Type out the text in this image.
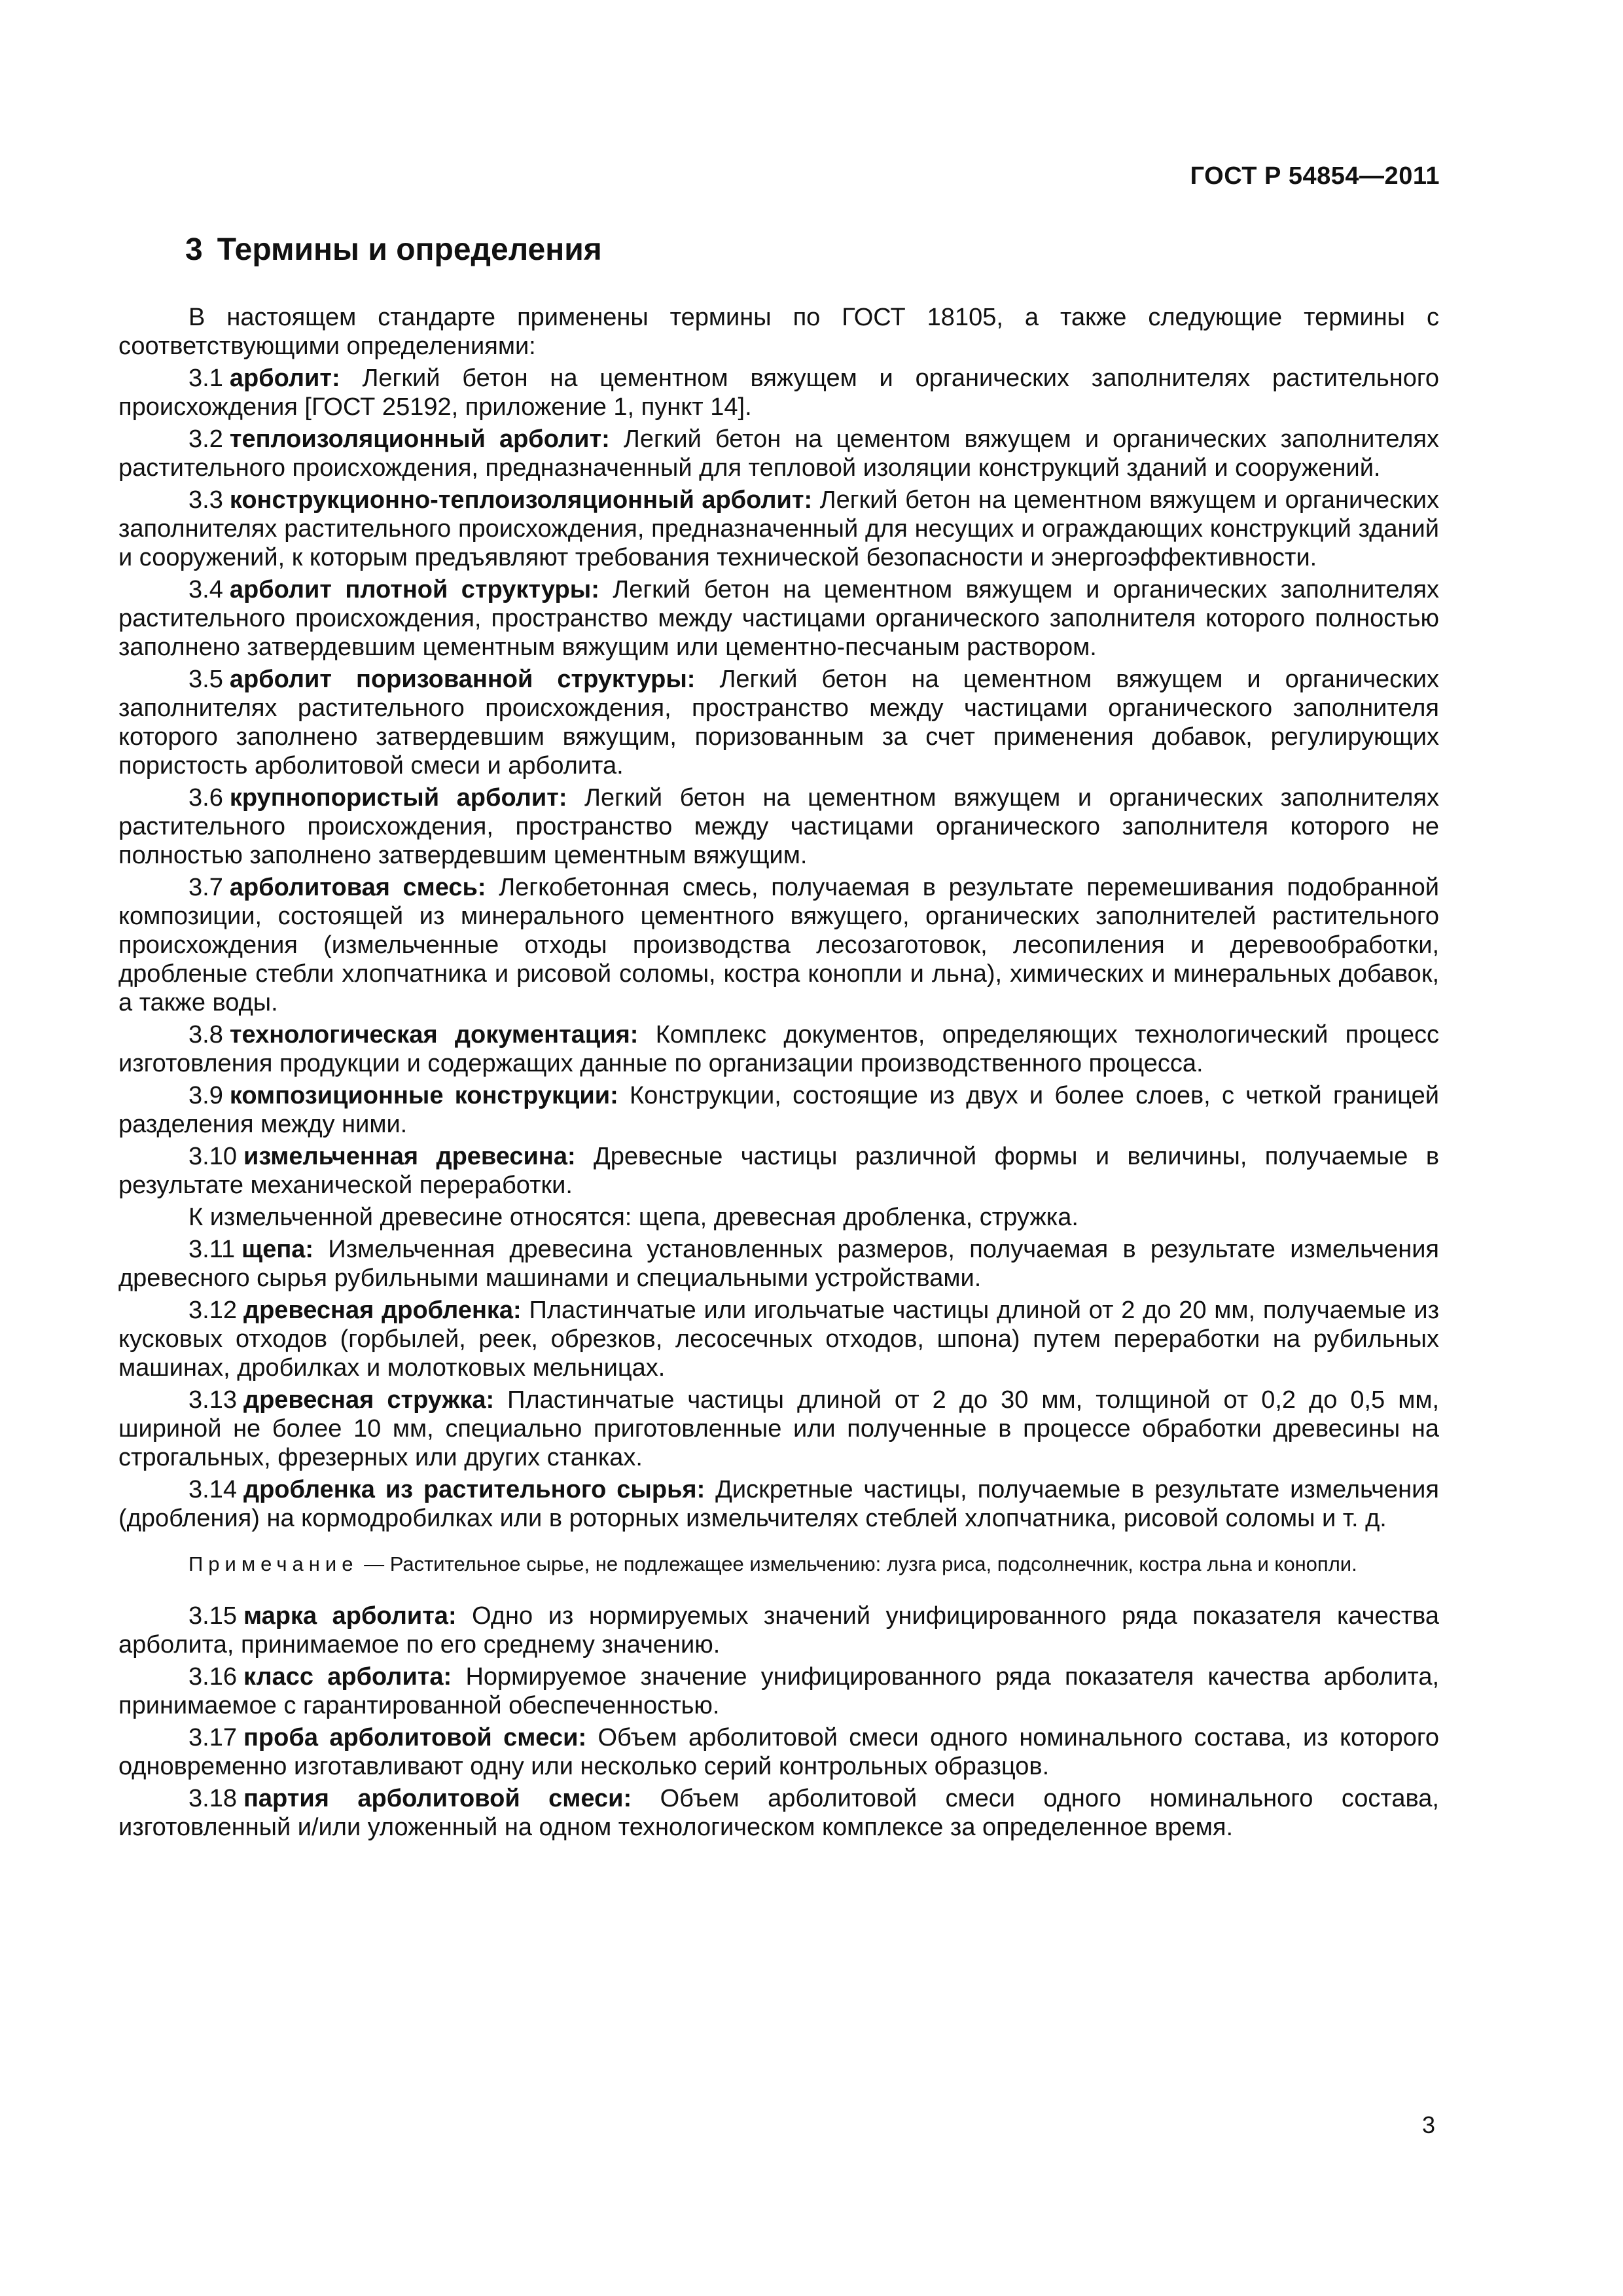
ГОСТ Р 54854—2011
3 Термины и определения

В настоящем стандарте применены термины по ГОСТ 18105, а также следующие термины с соответствующими определениями:

3.1 арболит: Легкий бетон на цементном вяжущем и органических заполнителях растительного происхождения [ГОСТ 25192, приложение 1, пункт 14].

3.2 теплоизоляционный арболит: Легкий бетон на цементом вяжущем и органических заполнителях растительного происхождения, предназначенный для тепловой изоляции конструкций зданий и сооружений.

3.3 конструкционно-теплоизоляционный арболит: Легкий бетон на цементном вяжущем и органических заполнителях растительного происхождения, предназначенный для несущих и ограждающих конструкций зданий и сооружений, к которым предъявляют требования технической безопасности и энергоэффективности.

3.4 арболит плотной структуры: Легкий бетон на цементном вяжущем и органических заполнителях растительного происхождения, пространство между частицами органического заполнителя которого полностью заполнено затвердевшим цементным вяжущим или цементно-песчаным раствором.

3.5 арболит поризованной структуры: Легкий бетон на цементном вяжущем и органических заполнителях растительного происхождения, пространство между частицами органического заполнителя которого заполнено затвердевшим вяжущим, поризованным за счет применения добавок, регулирующих пористость арболитовой смеси и арболита.

3.6 крупнопористый арболит: Легкий бетон на цементном вяжущем и органических заполнителях растительного происхождения, пространство между частицами органического заполнителя которого не полностью заполнено затвердевшим цементным вяжущим.

3.7 арболитовая смесь: Легкобетонная смесь, получаемая в результате перемешивания подобранной композиции, состоящей из минерального цементного вяжущего, органических заполнителей растительного происхождения (измельченные отходы производства лесозаготовок, лесопиления и деревообработки, дробленые стебли хлопчатника и рисовой соломы, костра конопли и льна), химических и минеральных добавок, а также воды.

3.8 технологическая документация: Комплекс документов, определяющих технологический процесс изготовления продукции и содержащих данные по организации производственного процесса.

3.9 композиционные конструкции: Конструкции, состоящие из двух и более слоев, с четкой границей разделения между ними.

3.10 измельченная древесина: Древесные частицы различной формы и величины, получаемые в результате механической переработки.

К измельченной древесине относятся: щепа, древесная дробленка, стружка.

3.11 щепа: Измельченная древесина установленных размеров, получаемая в результате измельчения древесного сырья рубильными машинами и специальными устройствами.

3.12 древесная дробленка: Пластинчатые или игольчатые частицы длиной от 2 до 20 мм, получаемые из кусковых отходов (горбылей, реек, обрезков, лесосечных отходов, шпона) путем переработки на рубильных машинах, дробилках и молотковых мельницах.

3.13 древесная стружка: Пластинчатые частицы длиной от 2 до 30 мм, толщиной от 0,2 до 0,5 мм, шириной не более 10 мм, специально приготовленные или полученные в процессе обработки древесины на строгальных, фрезерных или других станках.

3.14 дробленка из растительного сырья: Дискретные частицы, получаемые в результате измельчения (дробления) на кормодробилках или в роторных измельчителях стеблей хлопчатника, рисовой соломы и т. д.

Примечание — Растительное сырье, не подлежащее измельчению: лузга риса, подсолнечник, костра льна и конопли.

3.15 марка арболита: Одно из нормируемых значений унифицированного ряда показателя качества арболита, принимаемое по его среднему значению.

3.16 класс арболита: Нормируемое значение унифицированного ряда показателя качества арболита, принимаемое с гарантированной обеспеченностью.

3.17 проба арболитовой смеси: Объем арболитовой смеси одного номинального состава, из которого одновременно изготавливают одну или несколько серий контрольных образцов.

3.18 партия арболитовой смеси: Объем арболитовой смеси одного номинального состава, изготовленный и/или уложенный на одном технологическом комплексе за определенное время.

3
